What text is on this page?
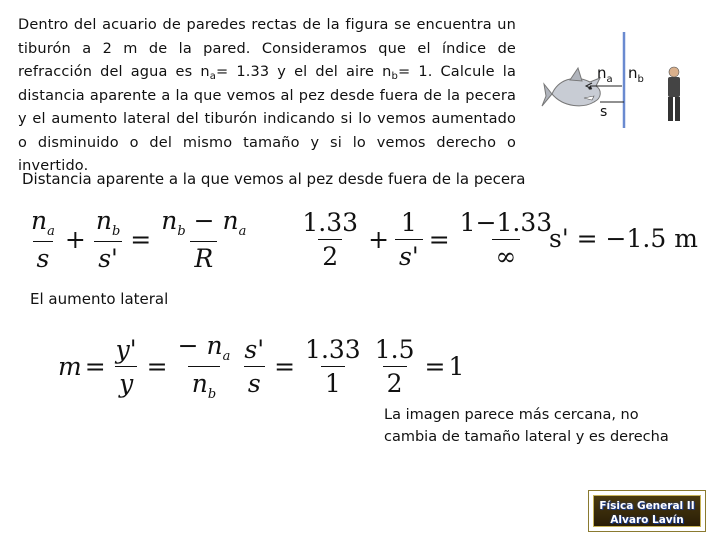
Dentro del acuario de paredes rectas de la figura se encuentra un tiburón a 2 m de la pared. Consideramos que el índice de refracción del agua es $n_a= 1.33$ y el del aire $n_b= 1$. Calcule la distancia aparente a la que vemos al pez desde fuera de la pecera y el aumento lateral del tiburón indicando si lo vemos aumentado o disminuido o del mismo tamaño y si lo vemos derecho o invertido.
$n_a$ $n_b$
s
Distancia aparente a la que vemos al pez desde fuera de la pecera
$\frac{n_a}{s} + \frac{n_b}{s'} = \frac{n_b - n_a}{R} \frac{1.33}{2} + \frac{1}{s'} = \frac{1-1.33}{\infty}$
s' = −1.5 m
El aumento lateral
$m = \frac{y'}{y} = \frac{- n_a}{n_b} \frac{s'}{s} = \frac{1.33}{1} \frac{1.5}{2} = 1$
La imagen parece más cercana, no cambia de tamaño lateral y es derecha
Física General II
Alvaro Lavín
